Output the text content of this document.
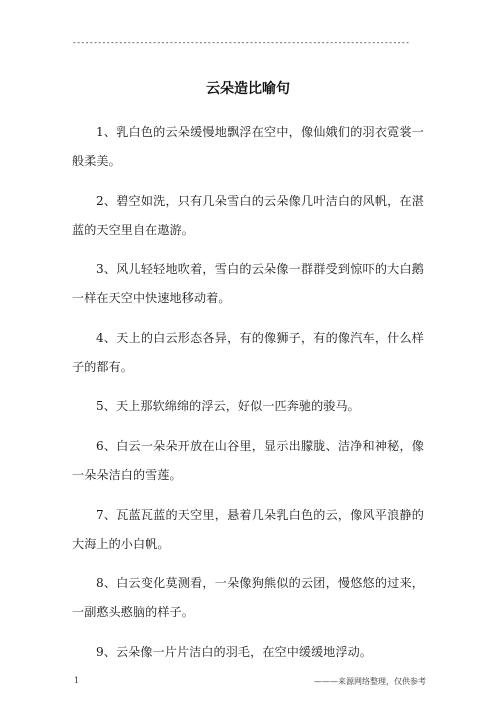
--------------------------------------------------------------------------------
云朵造比喻句

1、乳白色的云朵缓慢地飘浮在空中，像仙娥们的羽衣霓裳一般柔美。

2、碧空如洗，只有几朵雪白的云朵像几叶洁白的风帆，在湛蓝的天空里自在遨游。

3、风儿轻轻地吹着，雪白的云朵像一群群受到惊吓的大白鹅一样在天空中快速地移动着。

4、天上的白云形态各异，有的像狮子，有的像汽车，什么样子的都有。

5、天上那软绵绵的浮云，好似一匹奔驰的骏马。

6、白云一朵朵开放在山谷里，显示出朦胧、洁净和神秘，像一朵朵洁白的雪莲。

7、瓦蓝瓦蓝的天空里，悬着几朵乳白色的云，像风平浪静的大海上的小白帆。

8、白云变化莫测看，一朵像狗熊似的云团，慢悠悠的过来，一副憨头憨脑的样子。

9、云朵像一片片洁白的羽毛，在空中缓缓地浮动。

1	———来源网络整理，仅供参考
